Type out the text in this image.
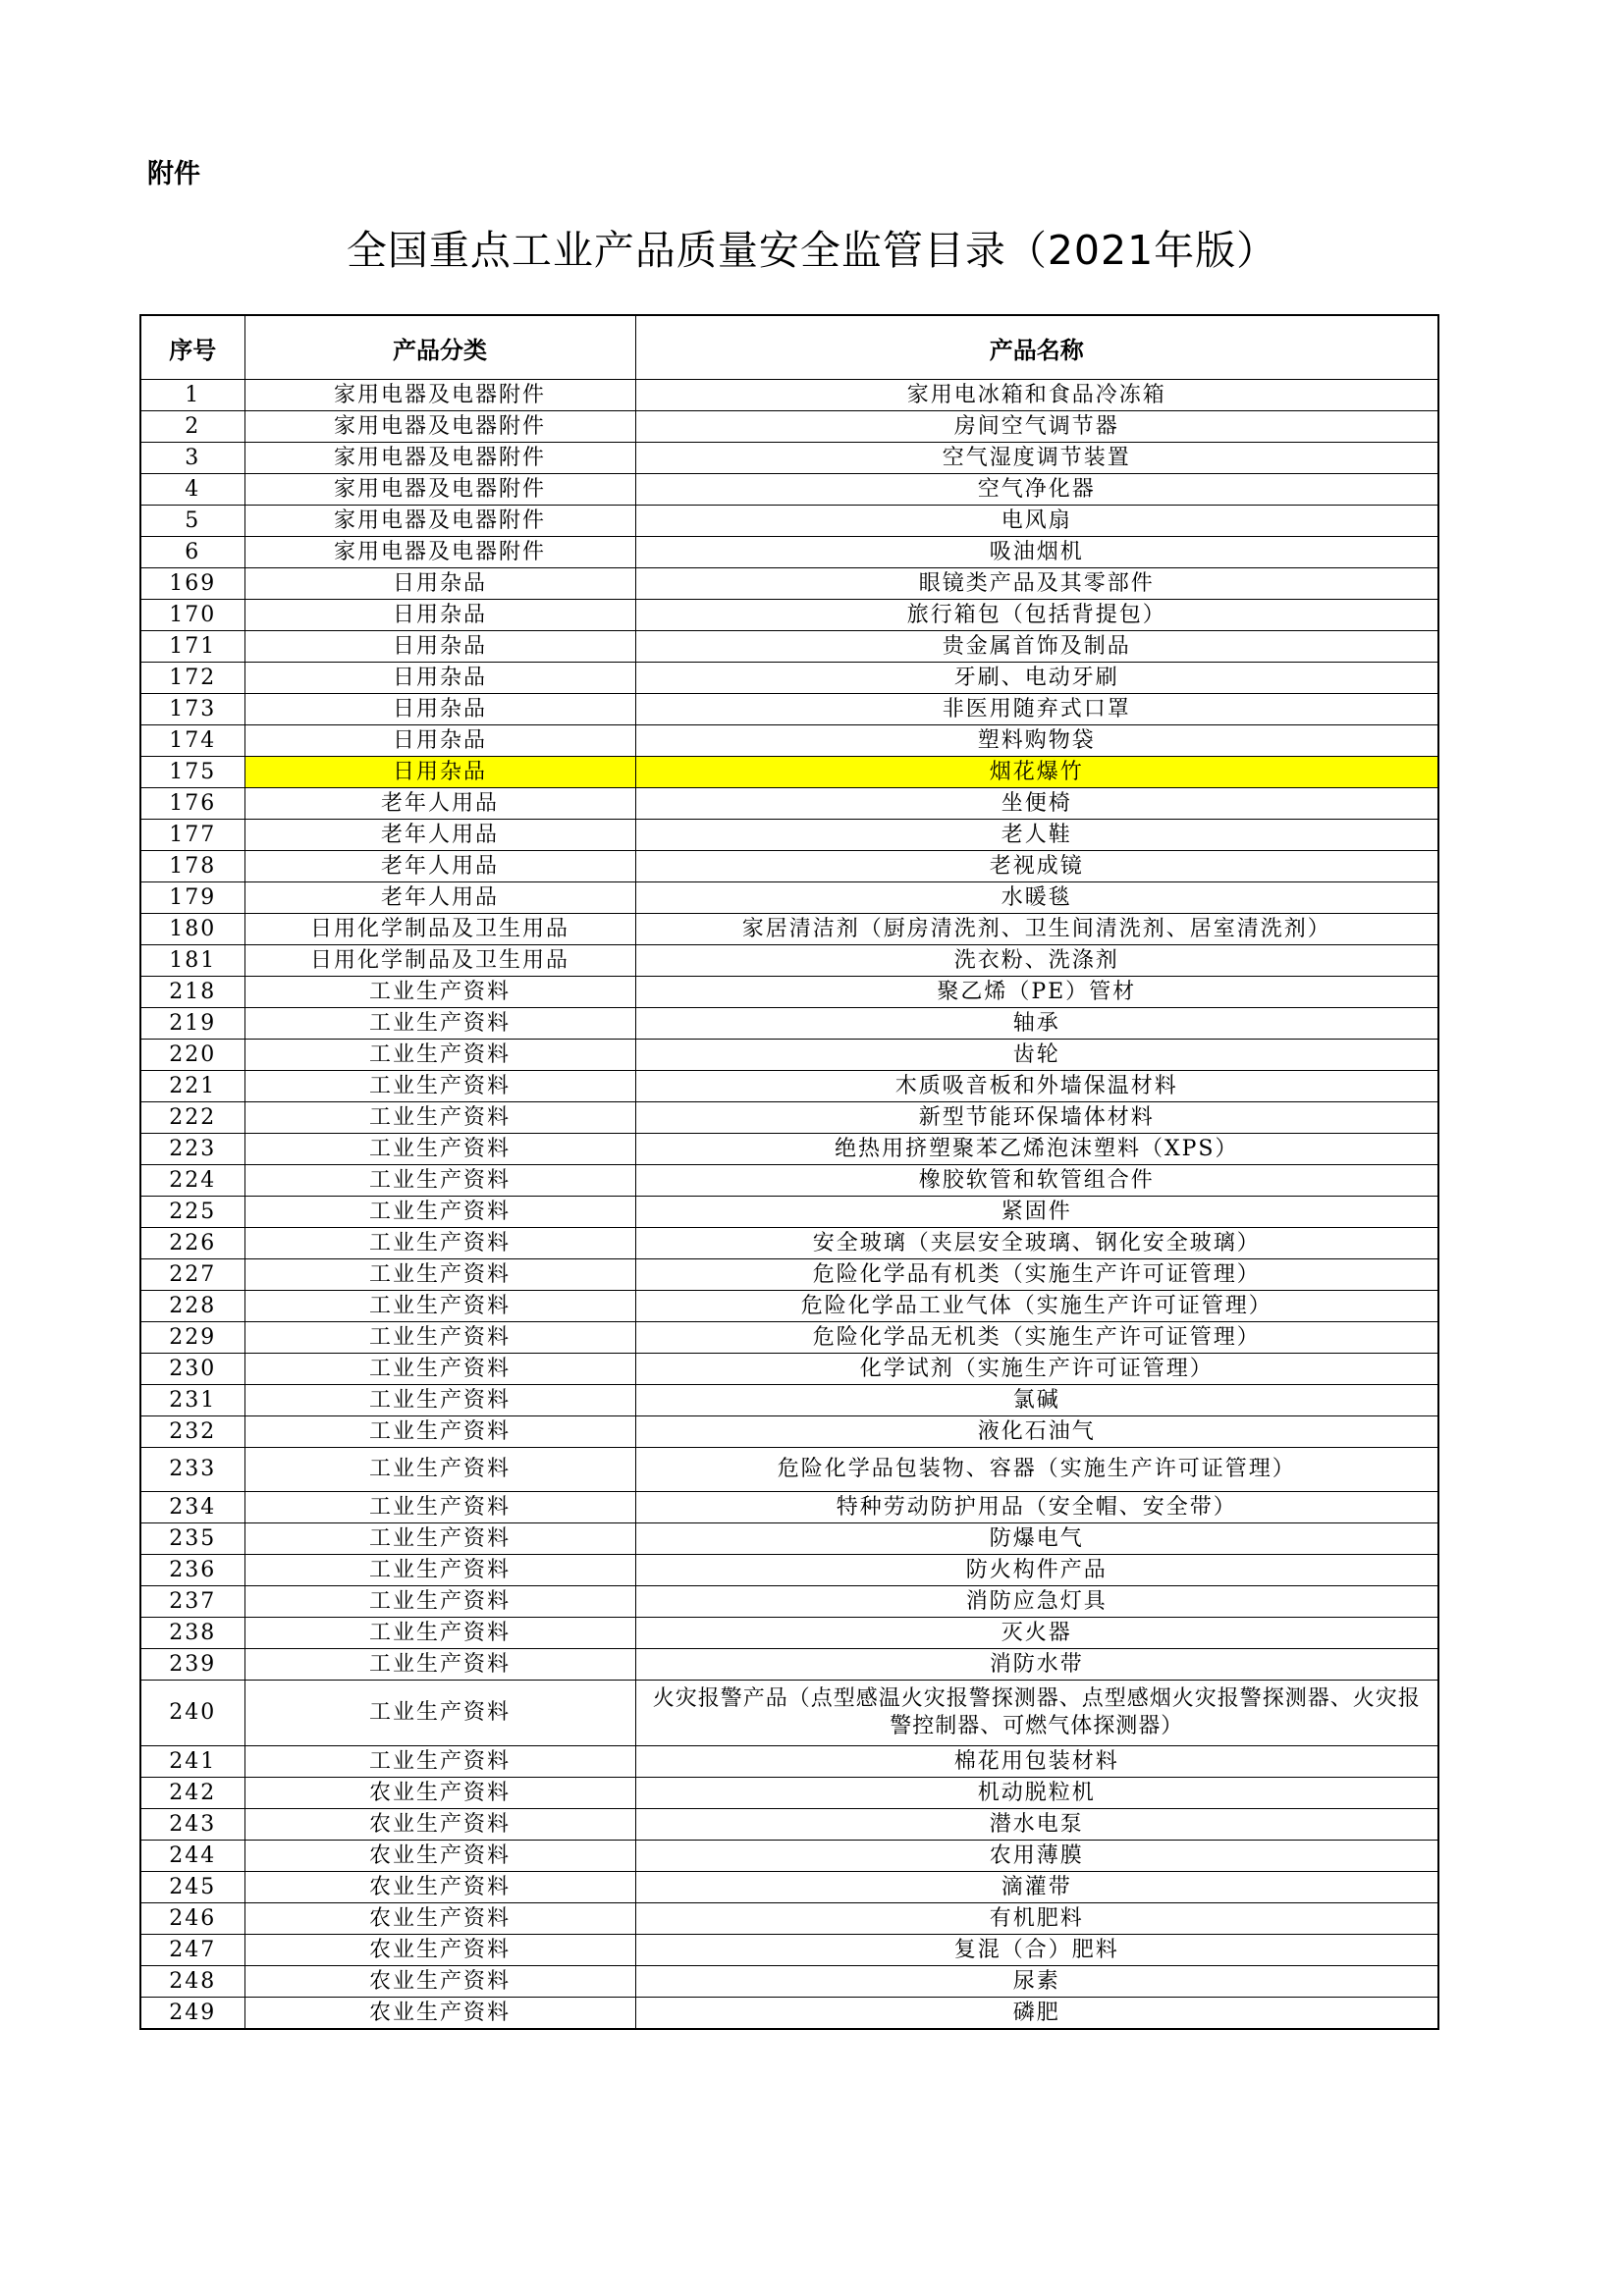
附件
全国重点工业产品质量安全监管目录（2021年版）
序号	产品分类	产品名称
1	家用电器及电器附件	家用电冰箱和食品冷冻箱
2	家用电器及电器附件	房间空气调节器
3	家用电器及电器附件	空气湿度调节装置
4	家用电器及电器附件	空气净化器
5	家用电器及电器附件	电风扇
6	家用电器及电器附件	吸油烟机
169	日用杂品	眼镜类产品及其零部件
170	日用杂品	旅行箱包（包括背提包）
171	日用杂品	贵金属首饰及制品
172	日用杂品	牙刷、电动牙刷
173	日用杂品	非医用随弃式口罩
174	日用杂品	塑料购物袋
175	日用杂品	烟花爆竹
176	老年人用品	坐便椅
177	老年人用品	老人鞋
178	老年人用品	老视成镜
179	老年人用品	水暖毯
180	日用化学制品及卫生用品	家居清洁剂（厨房清洗剂、卫生间清洗剂、居室清洗剂）
181	日用化学制品及卫生用品	洗衣粉、洗涤剂
218	工业生产资料	聚乙烯（PE）管材
219	工业生产资料	轴承
220	工业生产资料	齿轮
221	工业生产资料	木质吸音板和外墙保温材料
222	工业生产资料	新型节能环保墙体材料
223	工业生产资料	绝热用挤塑聚苯乙烯泡沫塑料（XPS）
224	工业生产资料	橡胶软管和软管组合件
225	工业生产资料	紧固件
226	工业生产资料	安全玻璃（夹层安全玻璃、钢化安全玻璃）
227	工业生产资料	危险化学品有机类（实施生产许可证管理）
228	工业生产资料	危险化学品工业气体（实施生产许可证管理）
229	工业生产资料	危险化学品无机类（实施生产许可证管理）
230	工业生产资料	化学试剂（实施生产许可证管理）
231	工业生产资料	氯碱
232	工业生产资料	液化石油气
233	工业生产资料	危险化学品包装物、容器（实施生产许可证管理）
234	工业生产资料	特种劳动防护用品（安全帽、安全带）
235	工业生产资料	防爆电气
236	工业生产资料	防火构件产品
237	工业生产资料	消防应急灯具
238	工业生产资料	灭火器
239	工业生产资料	消防水带
240	工业生产资料	火灾报警产品（点型感温火灾报警探测器、点型感烟火灾报警探测器、火灾报警控制器、可燃气体探测器）
241	工业生产资料	棉花用包装材料
242	农业生产资料	机动脱粒机
243	农业生产资料	潜水电泵
244	农业生产资料	农用薄膜
245	农业生产资料	滴灌带
246	农业生产资料	有机肥料
247	农业生产资料	复混（合）肥料
248	农业生产资料	尿素
249	农业生产资料	磷肥
